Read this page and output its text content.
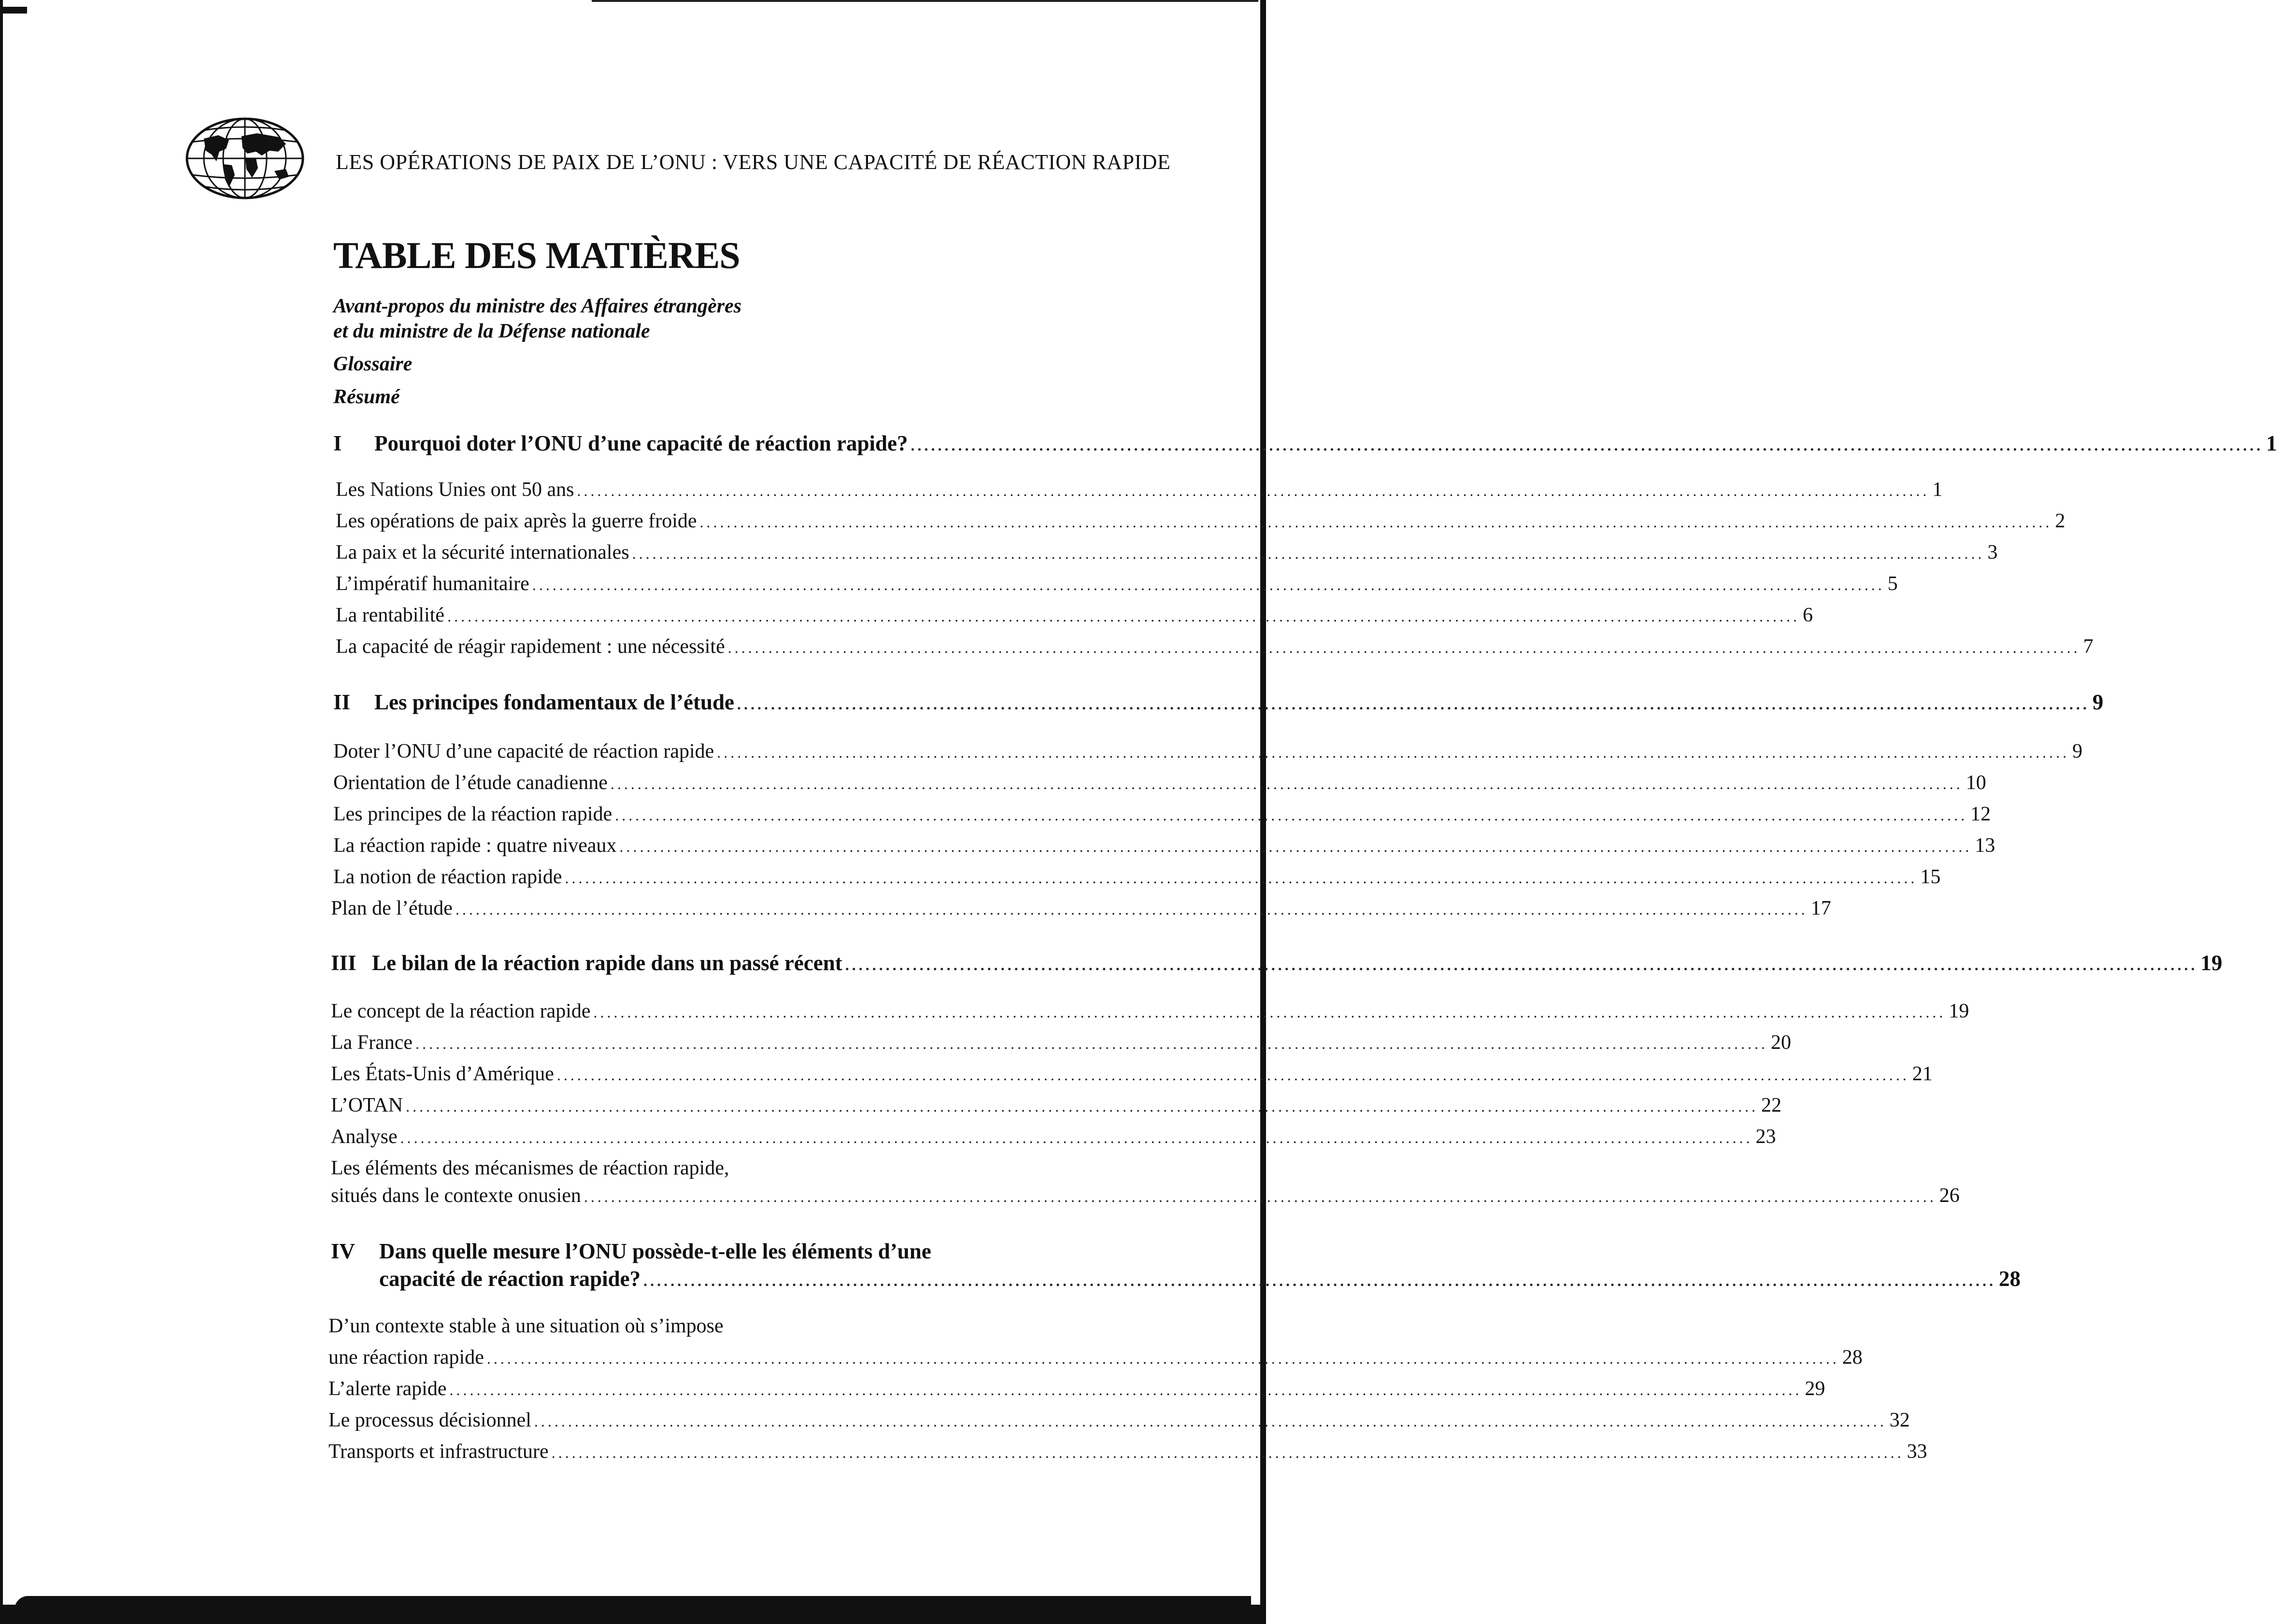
LES OPÉRATIONS DE PAIX DE L’ONU : VERS UNE CAPACITÉ DE RÉACTION RAPIDE
TABLE DES MATIÈRES
Avant-propos du ministre des Affaires étrangères
et du ministre de la Défense nationale
Glossaire
Résumé
I Pourquoi doter l’ONU d’une capacité de réaction rapide? ........................................................................................................................................................................................................ 1
Les Nations Unies ont 50 ans ........................................................................................................................................................................................................ 1
Les opérations de paix après la guerre froide ........................................................................................................................................................................................................ 2
La paix et la sécurité internationales ........................................................................................................................................................................................................ 3
L’impératif humanitaire ........................................................................................................................................................................................................ 5
La rentabilité ........................................................................................................................................................................................................ 6
La capacité de réagir rapidement : une nécessité ........................................................................................................................................................................................................ 7
II Les principes fondamentaux de l’étude ........................................................................................................................................................................................................ 9
Doter l’ONU d’une capacité de réaction rapide ........................................................................................................................................................................................................ 9
Orientation de l’étude canadienne ........................................................................................................................................................................................................ 10
Les principes de la réaction rapide ........................................................................................................................................................................................................ 12
La réaction rapide : quatre niveaux ........................................................................................................................................................................................................ 13
La notion de réaction rapide ........................................................................................................................................................................................................ 15
Plan de l’étude ........................................................................................................................................................................................................ 17
III Le bilan de la réaction rapide dans un passé récent ........................................................................................................................................................................................................ 19
Le concept de la réaction rapide ........................................................................................................................................................................................................ 19
La France ........................................................................................................................................................................................................ 20
Les États-Unis d’Amérique ........................................................................................................................................................................................................ 21
L’OTAN ........................................................................................................................................................................................................ 22
Analyse ........................................................................................................................................................................................................ 23
Les éléments des mécanismes de réaction rapide,
situés dans le contexte onusien ........................................................................................................................................................................................................ 26
IV Dans quelle mesure l’ONU possède-t-elle les éléments d’une
capacité de réaction rapide? ........................................................................................................................................................................................................ 28
D’un contexte stable à une situation où s’impose
une réaction rapide ........................................................................................................................................................................................................ 28
L’alerte rapide ........................................................................................................................................................................................................ 29
Le processus décisionnel ........................................................................................................................................................................................................ 32
Transports et infrastructure ........................................................................................................................................................................................................ 33
